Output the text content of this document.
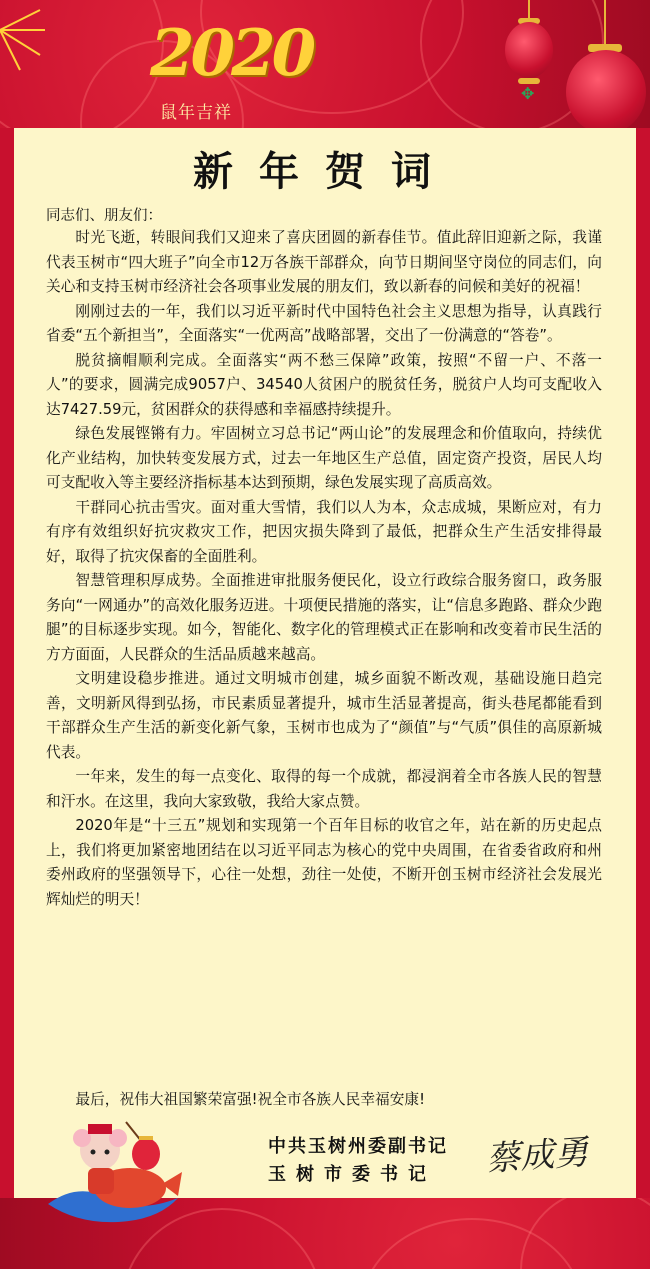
2020
鼠年吉祥
✥
新年贺词
同志们、朋友们：

时光飞逝，转眼间我们又迎来了喜庆团圆的新春佳节。值此辞旧迎新之际，我谨代表玉树市“四大班子”向全市12万各族干部群众，向节日期间坚守岗位的同志们，向关心和支持玉树市经济社会各项事业发展的朋友们，致以新春的问候和美好的祝福！

刚刚过去的一年，我们以习近平新时代中国特色社会主义思想为指导，认真践行省委“五个新担当”，全面落实“一优两高”战略部署，交出了一份满意的“答卷”。

脱贫摘帽顺利完成。全面落实“两不愁三保障”政策，按照“不留一户、不落一人”的要求，圆满完成9057户、34540人贫困户的脱贫任务，脱贫户人均可支配收入达7427.59元，贫困群众的获得感和幸福感持续提升。

绿色发展铿锵有力。牢固树立习总书记“两山论”的发展理念和价值取向，持续优化产业结构，加快转变发展方式，过去一年地区生产总值，固定资产投资，居民人均可支配收入等主要经济指标基本达到预期，绿色发展实现了高质高效。

干群同心抗击雪灾。面对重大雪情，我们以人为本，众志成城，果断应对，有力有序有效组织好抗灾救灾工作，把因灾损失降到了最低，把群众生产生活安排得最好，取得了抗灾保畜的全面胜利。

智慧管理积厚成势。全面推进审批服务便民化，设立行政综合服务窗口，政务服务向“一网通办”的高效化服务迈进。十项便民措施的落实，让“信息多跑路、群众少跑腿”的目标逐步实现。如今，智能化、数字化的管理模式正在影响和改变着市民生活的方方面面，人民群众的生活品质越来越高。

文明建设稳步推进。通过文明城市创建，城乡面貌不断改观，基础设施日趋完善，文明新风得到弘扬，市民素质显著提升，城市生活显著提高，街头巷尾都能看到干部群众生产生活的新变化新气象，玉树市也成为了“颜值”与“气质”俱佳的高原新城代表。

一年来，发生的每一点变化、取得的每一个成就，都浸润着全市各族人民的智慧和汗水。在这里，我向大家致敬，我给大家点赞。

2020年是“十三五”规划和实现第一个百年目标的收官之年，站在新的历史起点上，我们将更加紧密地团结在以习近平同志为核心的党中央周围，在省委省政府和州委州政府的坚强领导下，心往一处想，劲往一处使，不断开创玉树市经济社会发展光辉灿烂的明天！

最后，祝伟大祖国繁荣富强!祝全市各族人民幸福安康!
中共玉树州委副书记
玉树市委书记 蔡成勇
